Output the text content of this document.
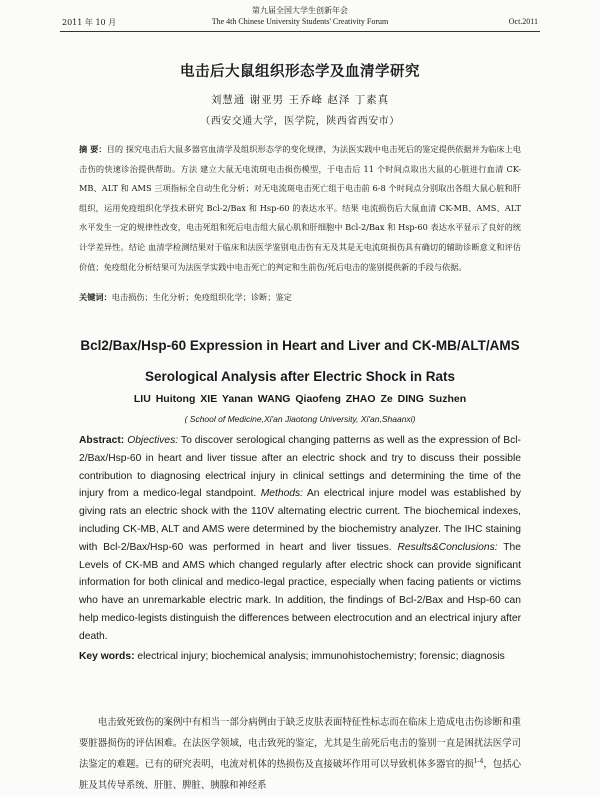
第九届全国大学生创新年会
2011 年 10 月	The 4th Chinese University Students' Creativity Forum	Oct.2011
电击后大鼠组织形态学及血清学研究
刘慧通 谢亚男 王乔峰 赵泽 丁素真
（西安交通大学，医学院，陕西省西安市）
摘 要：目的 探究电击后大鼠多器官血清学及组织形态学的变化规律，为法医实践中电击死后的鉴定提供依据并为临床上电击伤的快速诊治提供帮助。方法 建立大鼠无电流斑电击损伤模型，于电击后 11 个时间点取出大鼠的心脏进行血清 CK-MB、ALT 和 AMS 三项指标全自动生化分析；对无电流斑电击死亡组于电击前 6-8 个时间点分别取出各组大鼠心脏和肝组织，运用免疫组织化学技术研究 Bcl-2/Bax 和 Hsp-60 的表达水平。结果 电流损伤后大鼠血清 CK-MB、AMS、ALT 水平发生一定的规律性改变，电击死组和死后电击组大鼠心肌和肝细胞中 Bcl-2/Bax 和 Hsp-60 表达水平显示了良好的统计学差异性。结论 血清学检测结果对于临床和法医学鉴别电击伤有无及其是无电流斑损伤具有确切的辅助诊断意义和评估价值；免疫组化分析结果可为法医学实践中电击死亡的判定和生前伤/死后电击的鉴别提供新的手段与依据。
关键词：电击损伤；生化分析；免疫组织化学；诊断；鉴定
Bcl2/Bax/Hsp-60 Expression in Heart and Liver and CK-MB/ALT/AMS
Serological Analysis after Electric Shock in Rats
LIU Huitong XIE Yanan WANG Qiaofeng ZHAO Ze DING Suzhen
( School of Medicine,Xi'an Jiaotong University, Xi'an,Shaanxi)
Abstract: Objectives: To discover serological changing patterns as well as the expression of Bcl-2/Bax/Hsp-60 in heart and liver tissue after an electric shock and try to discuss their possible contribution to diagnosing electrical injury in clinical settings and determining the time of the injury from a medico-legal standpoint. Methods: An electrical injure model was established by giving rats an electric shock with the 110V alternating electric current. The biochemical indexes, including CK-MB, ALT and AMS were determined by the biochemistry analyzer. The IHC staining with Bcl-2/Bax/Hsp-60 was performed in heart and liver tissues. Results&Conclusions: The Levels of CK-MB and AMS which changed regularly after electric shock can provide significant information for both clinical and medico-legal practice, especially when facing patients or victims who have an unremarkable electric mark. In addition, the findings of Bcl-2/Bax and Hsp-60 can help medico-legists distinguish the differences between electrocution and an electrical injury after death.
Key words: electrical injury; biochemical analysis; immunohistochemistry; forensic; diagnosis
电击致死致伤的案例中有相当一部分病例由于缺乏皮肤表面特征性标志而在临床上造成电击伤诊断和重要脏器损伤的评估困难。在法医学领域，电击致死的鉴定，尤其是生前死后电击的鉴别一直是困扰法医学司法鉴定的难题。已有的研究表明，电流对机体的热损伤及直接破坏作用可以导致机体多器官的损$^{1-4}$，包括心脏及其传导系统、肝脏、脾脏、胰腺和神经系
